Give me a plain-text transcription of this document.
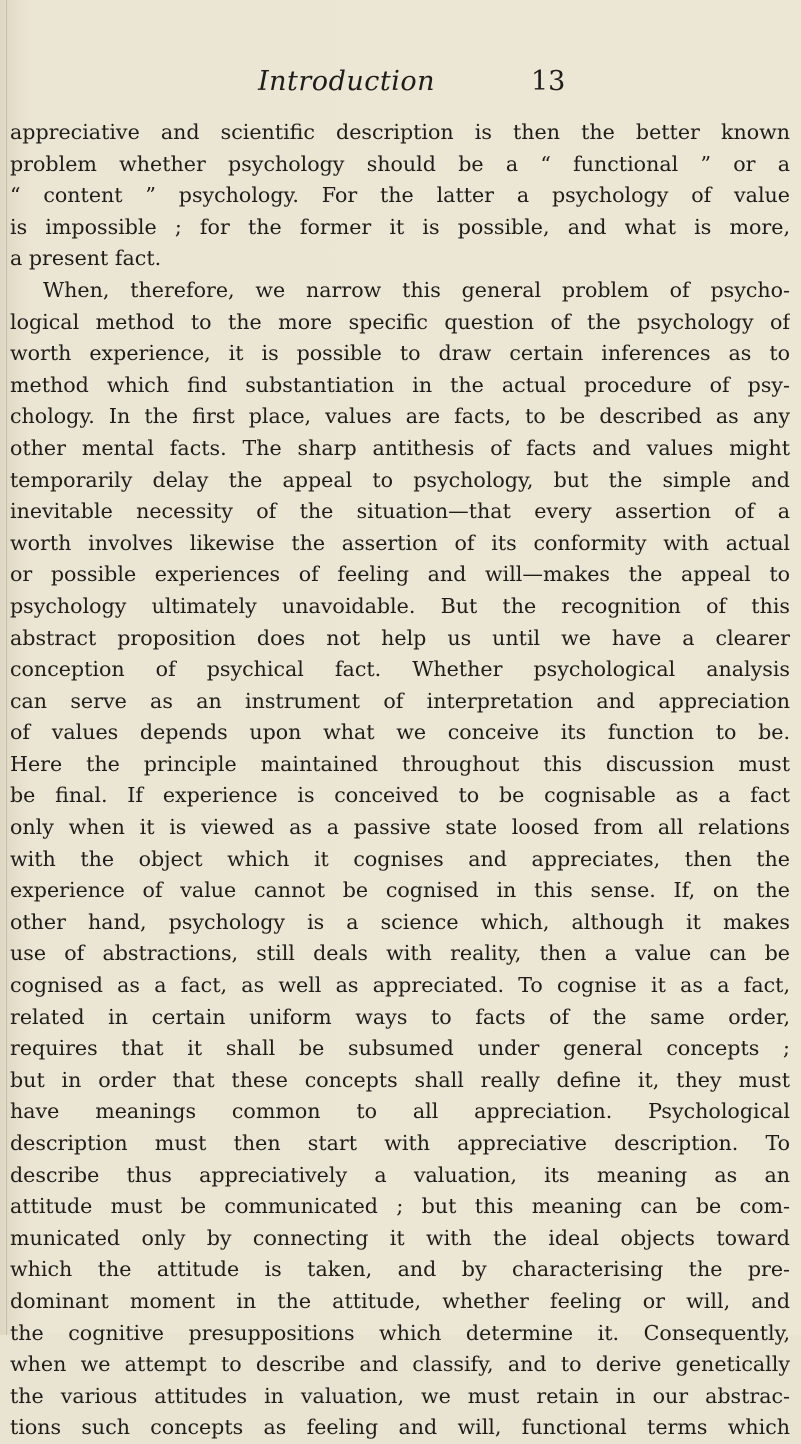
Introduction	13
appreciative and scientific description is then the better known
problem whether psychology should be a “ functional ” or a
“ content ” psychology. For the latter a psychology of value
is impossible ; for the former it is possible, and what is more,
a present fact.
When, therefore, we narrow this general problem of psycho-
logical method to the more specific question of the psychology of
worth experience, it is possible to draw certain inferences as to
method which find substantiation in the actual procedure of psy-
chology. In the first place, values are facts, to be described as any
other mental facts. The sharp antithesis of facts and values might
temporarily delay the appeal to psychology, but the simple and
inevitable necessity of the situation—that every assertion of a
worth involves likewise the assertion of its conformity with actual
or possible experiences of feeling and will—makes the appeal to
psychology ultimately unavoidable. But the recognition of this
abstract proposition does not help us until we have a clearer
conception of psychical fact. Whether psychological analysis
can serve as an instrument of interpretation and appreciation
of values depends upon what we conceive its function to be.
Here the principle maintained throughout this discussion must
be final. If experience is conceived to be cognisable as a fact
only when it is viewed as a passive state loosed from all relations
with the object which it cognises and appreciates, then the
experience of value cannot be cognised in this sense. If, on the
other hand, psychology is a science which, although it makes
use of abstractions, still deals with reality, then a value can be
cognised as a fact, as well as appreciated. To cognise it as a fact,
related in certain uniform ways to facts of the same order,
requires that it shall be subsumed under general concepts ;
but in order that these concepts shall really define it, they must
have meanings common to all appreciation. Psychological
description must then start with appreciative description. To
describe thus appreciatively a valuation, its meaning as an
attitude must be communicated ; but this meaning can be com-
municated only by connecting it with the ideal objects toward
which the attitude is taken, and by characterising the pre-
dominant moment in the attitude, whether feeling or will, and
the cognitive presuppositions which determine it. Consequently,
when we attempt to describe and classify, and to derive genetically
the various attitudes in valuation, we must retain in our abstrac-
tions such concepts as feeling and will, functional terms which
